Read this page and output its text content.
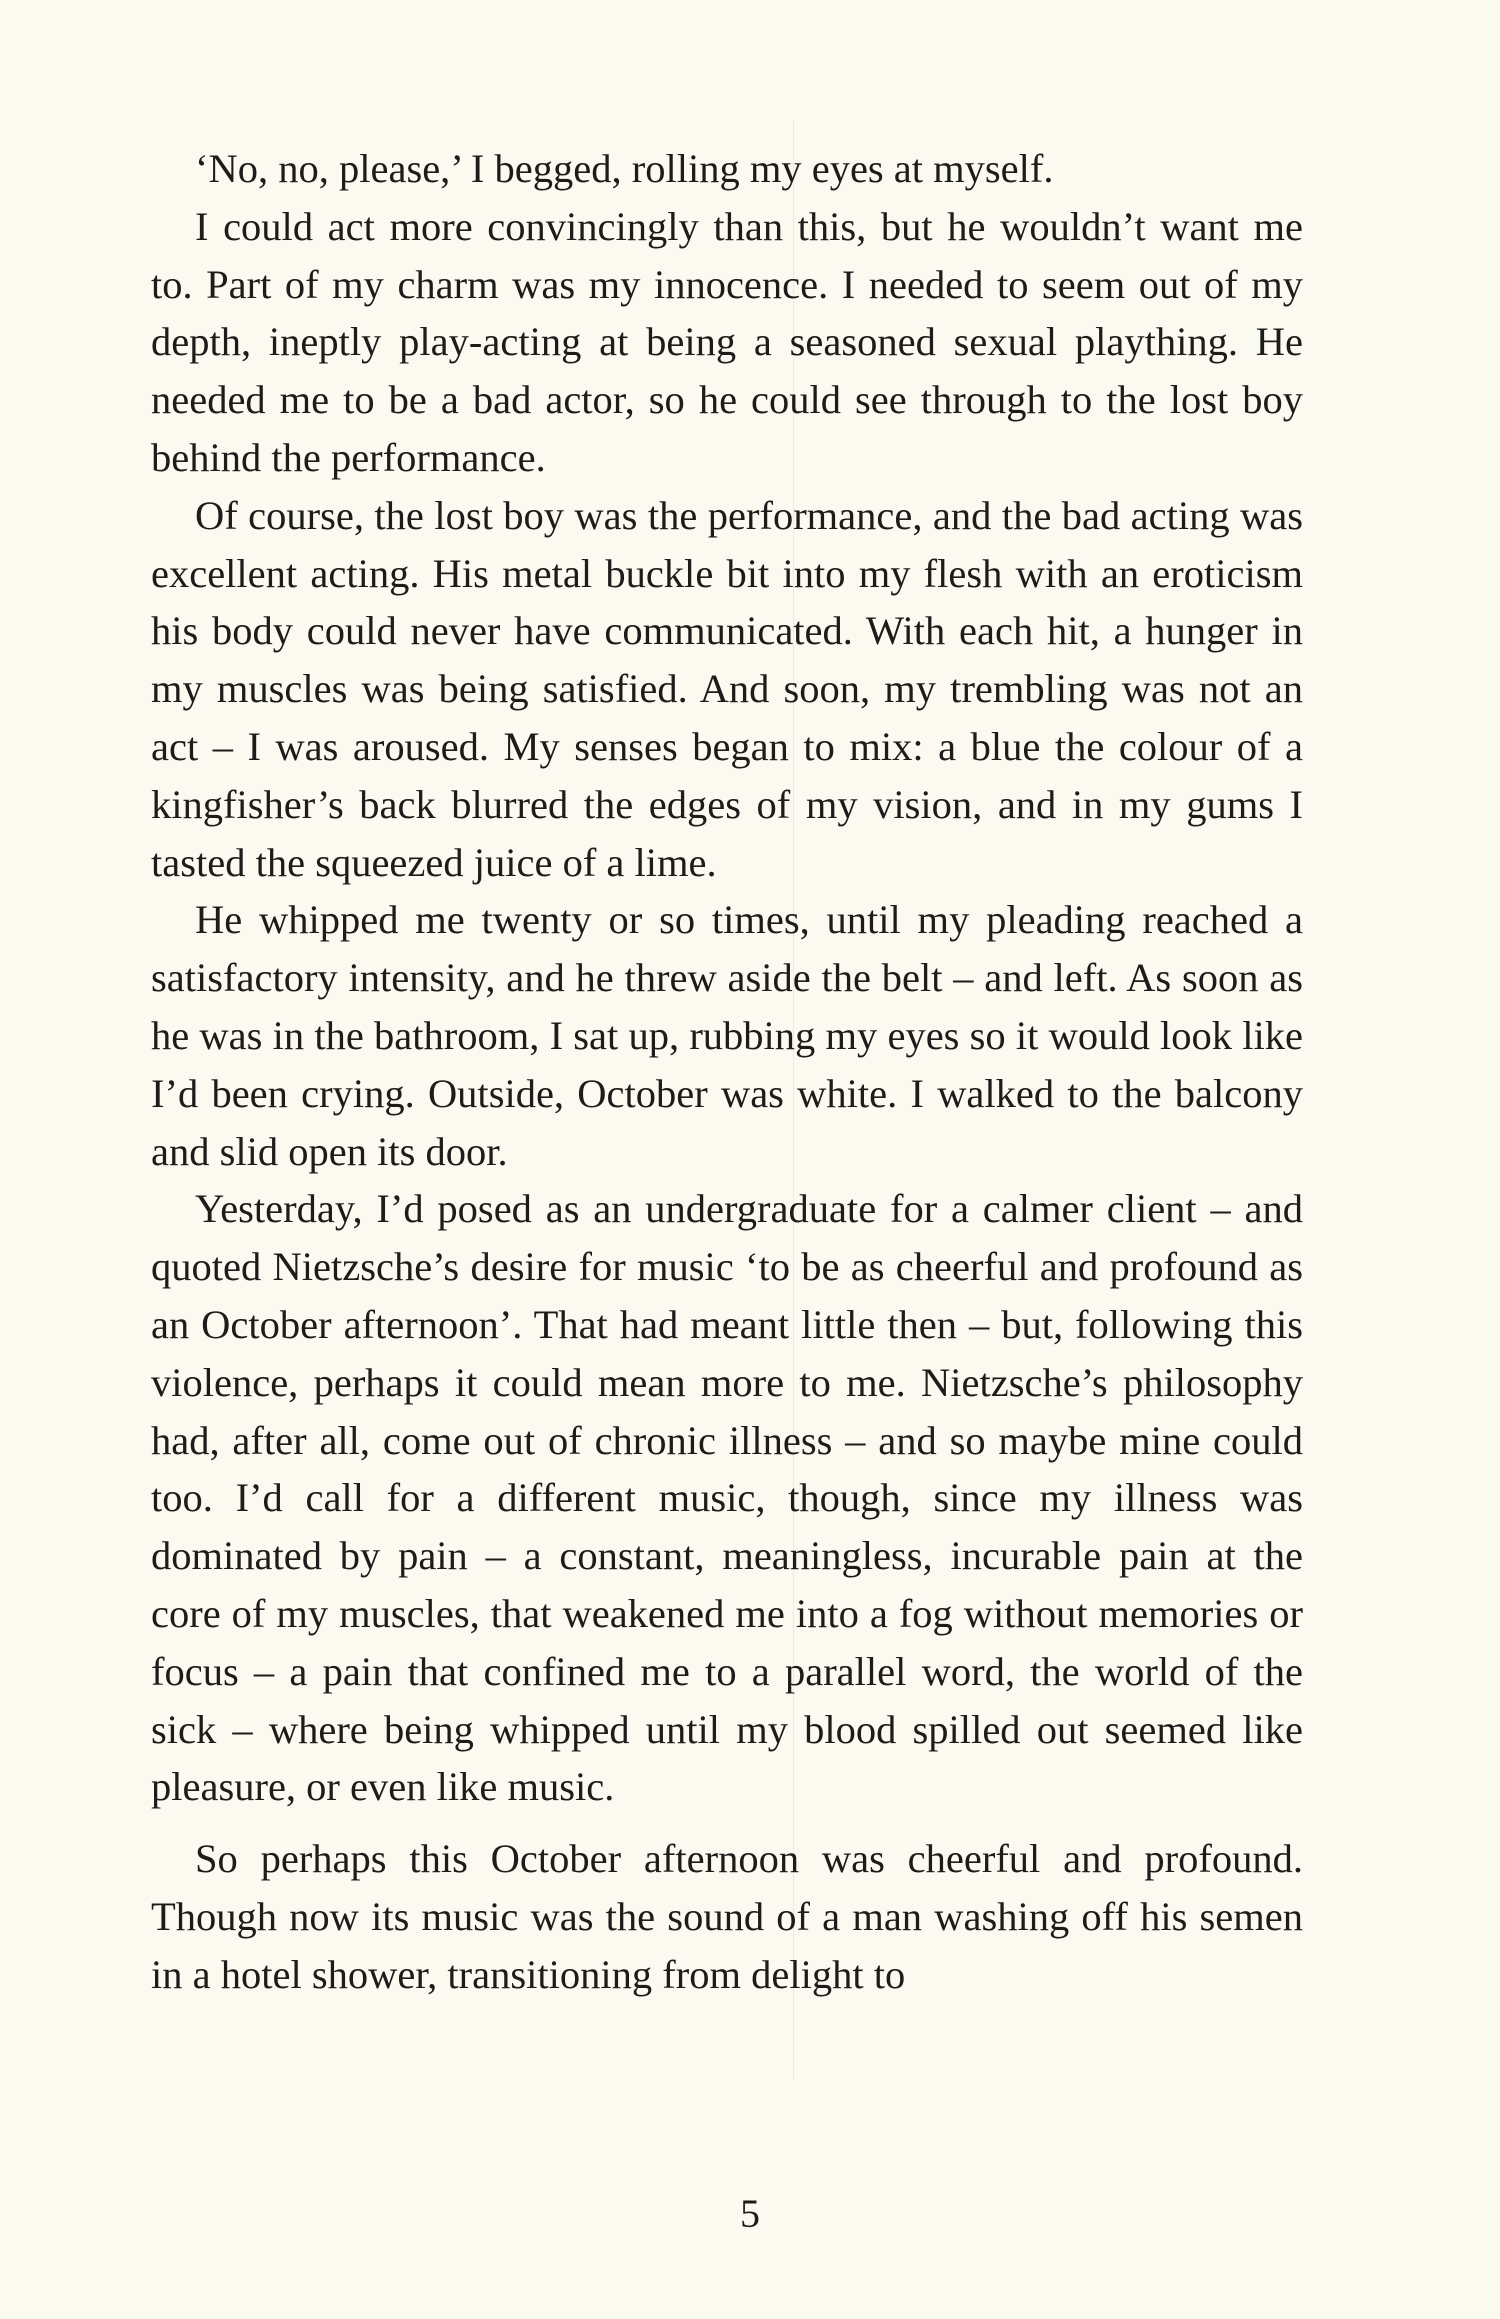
‘No, no, please,’ I begged, rolling my eyes at myself.

I could act more convincingly than this, but he wouldn’t want me to. Part of my charm was my innocence. I needed to seem out of my depth, ineptly play-acting at being a seasoned sexual plaything. He needed me to be a bad actor, so he could see through to the lost boy behind the performance.

Of course, the lost boy was the performance, and the bad acting was excellent acting. His metal buckle bit into my flesh with an eroticism his body could never have communicated. With each hit, a hunger in my muscles was being satisfied. And soon, my trembling was not an act – I was aroused. My senses began to mix: a blue the colour of a kingfisher’s back blurred the edges of my vision, and in my gums I tasted the squeezed juice of a lime.

He whipped me twenty or so times, until my pleading reached a satisfactory intensity, and he threw aside the belt – and left. As soon as he was in the bathroom, I sat up, rubbing my eyes so it would look like I’d been crying. Outside, October was white. I walked to the balcony and slid open its door.

Yesterday, I’d posed as an undergraduate for a calmer client – and quoted Nietzsche’s desire for music ‘to be as cheerful and profound as an October afternoon’. That had meant little then – but, following this violence, perhaps it could mean more to me. Nietzsche’s philosophy had, after all, come out of chronic illness – and so maybe mine could too. I’d call for a different music, though, since my illness was dominated by pain – a constant, meaningless, incurable pain at the core of my muscles, that weakened me into a fog without memories or focus – a pain that confined me to a parallel word, the world of the sick – where being whipped until my blood spilled out seemed like pleasure, or even like music.

So perhaps this October afternoon was cheerful and profound. Though now its music was the sound of a man washing off his semen in a hotel shower, transitioning from delight to

5
